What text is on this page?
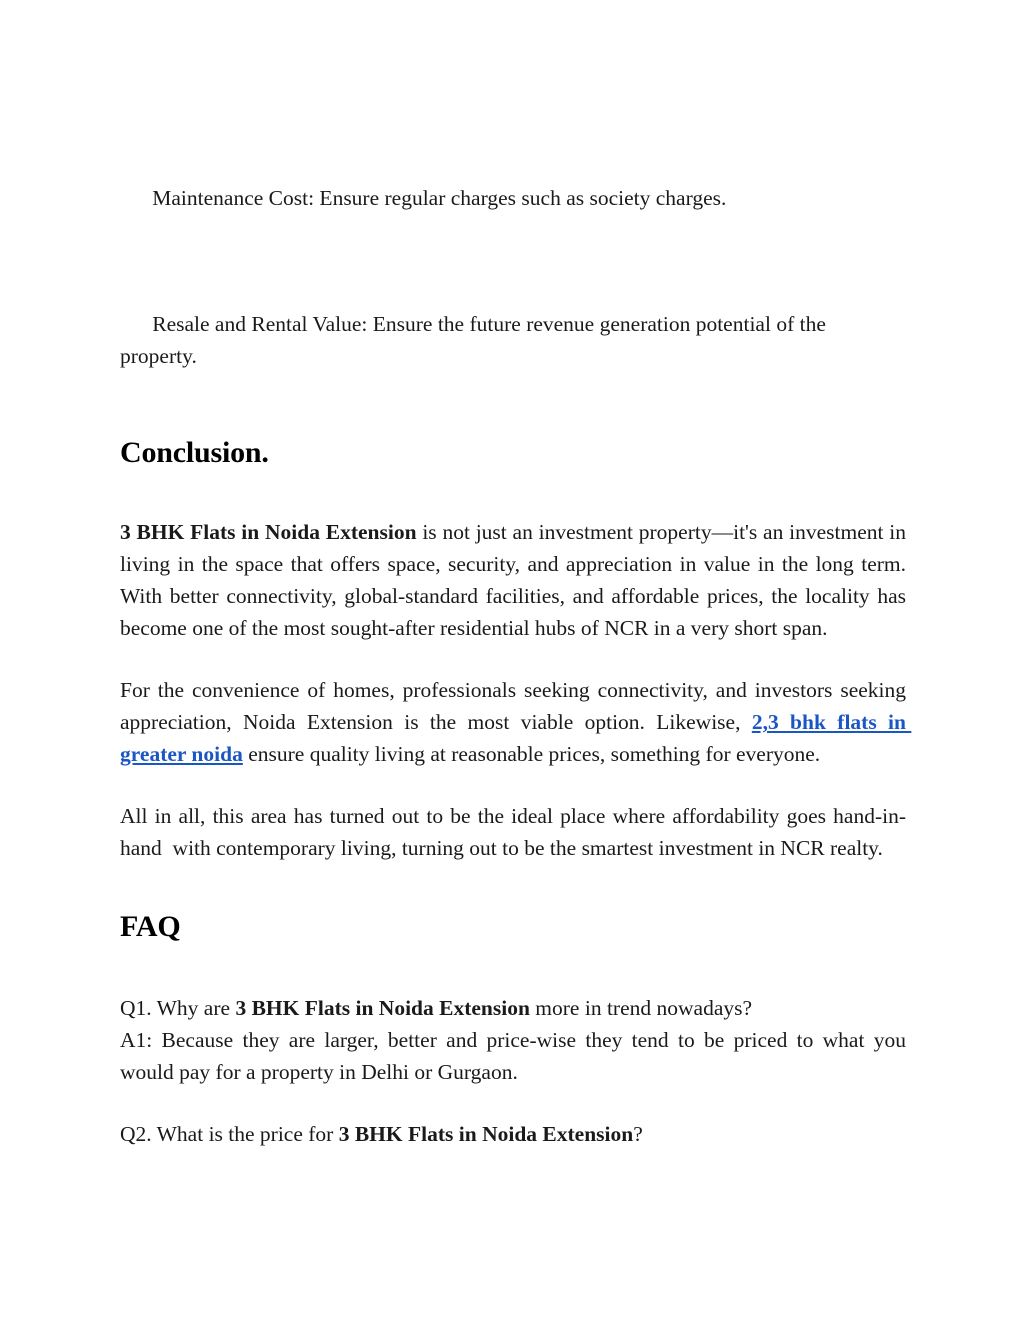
Maintenance Cost: Ensure regular charges such as society charges.

Resale and Rental Value: Ensure the future revenue generation potential of the property.

Conclusion.

3 BHK Flats in Noida Extension is not just an investment property—it's an investment in living in the space that offers space, security, and appreciation in value in the long term. With better connectivity, global-standard facilities, and affordable prices, the locality has become one of the most sought-after residential hubs of NCR in a very short span.

For the convenience of homes, professionals seeking connectivity, and investors seeking appreciation, Noida Extension is the most viable option. Likewise, 2,3 bhk flats in greater noida ensure quality living at reasonable prices, something for everyone.

All in all, this area has turned out to be the ideal place where affordability goes hand-in-hand  with contemporary living, turning out to be the smartest investment in NCR realty.

FAQ

Q1. Why are 3 BHK Flats in Noida Extension more in trend nowadays?
A1: Because they are larger, better and price-wise they tend to be priced to what you would pay for a property in Delhi or Gurgaon.

Q2. What is the price for 3 BHK Flats in Noida Extension?
